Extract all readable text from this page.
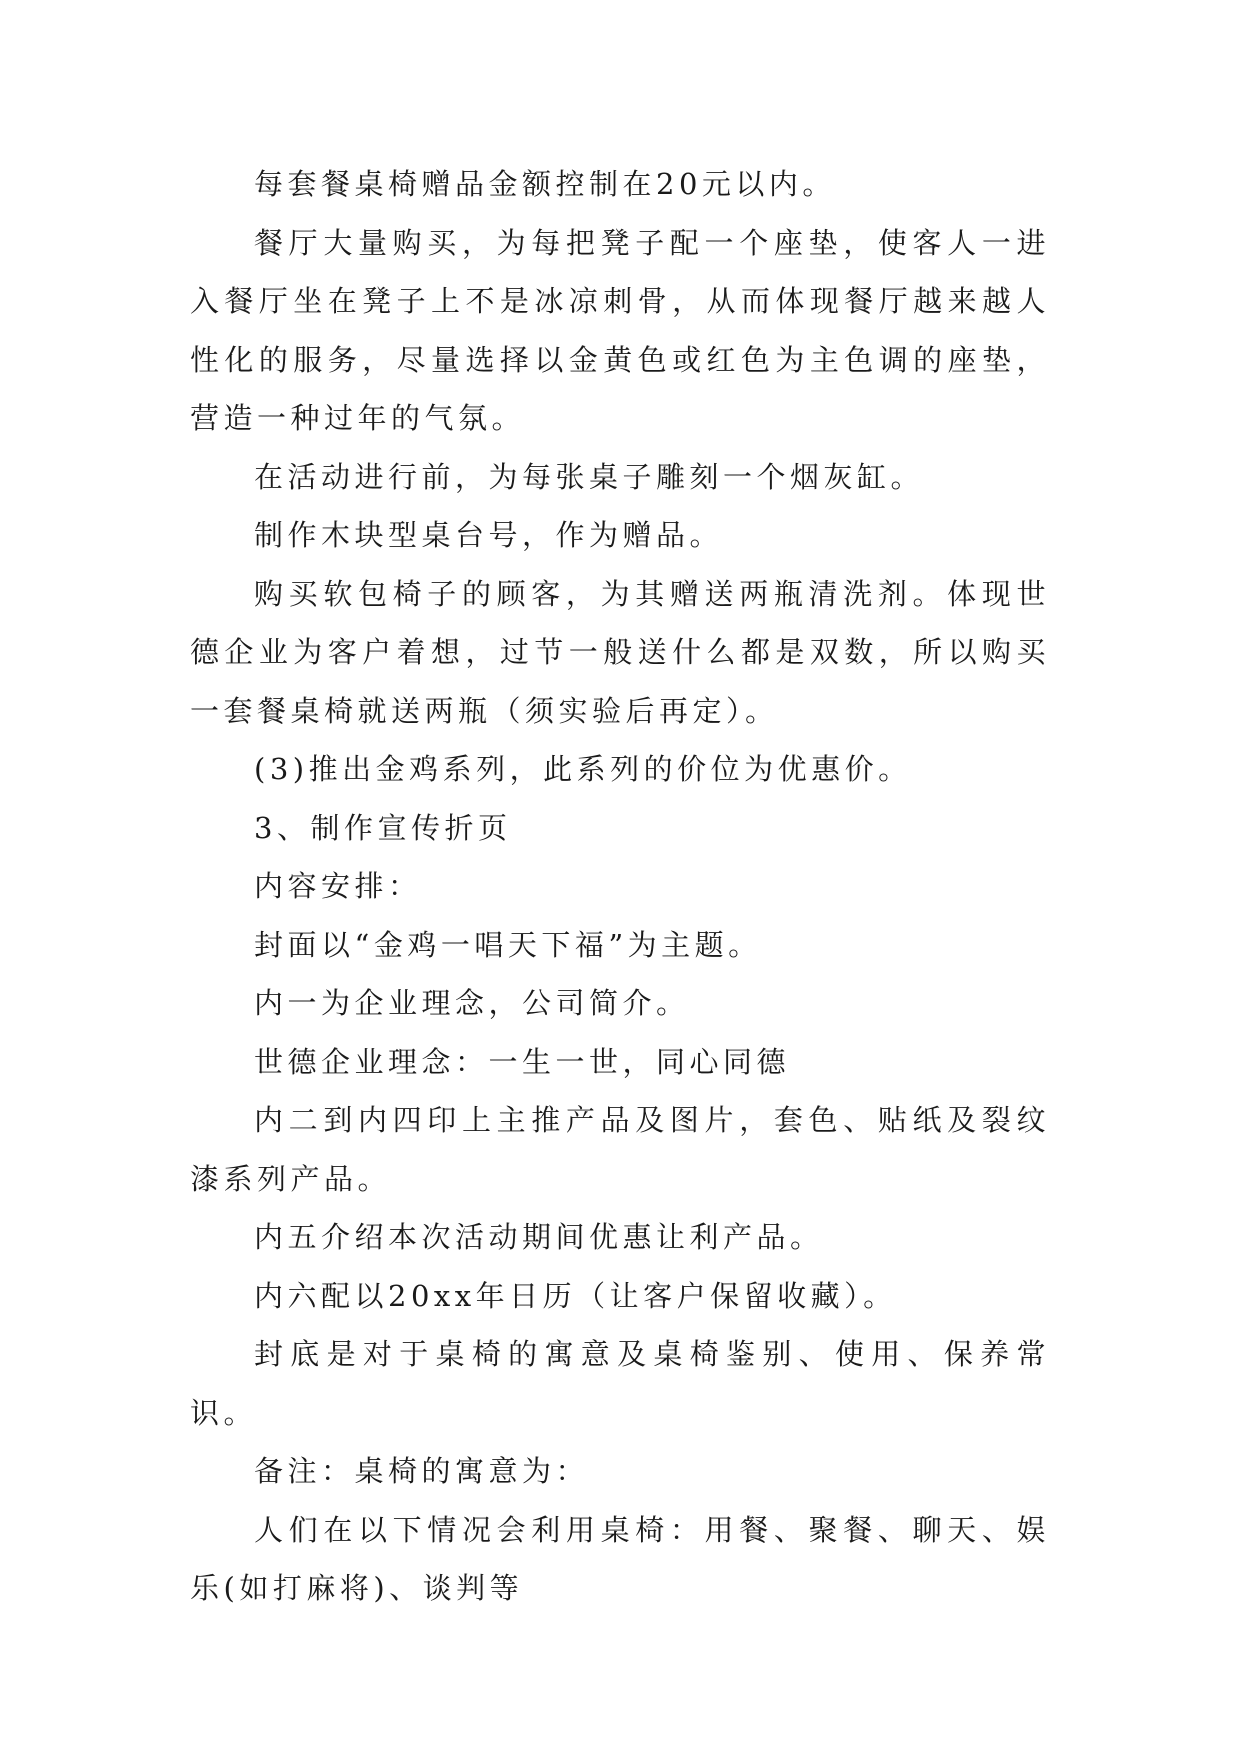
每套餐桌椅赠品金额控制在20元以内。

餐厅大量购买，为每把凳子配一个座垫，使客人一进入餐厅坐在凳子上不是冰凉刺骨，从而体现餐厅越来越人性化的服务，尽量选择以金黄色或红色为主色调的座垫，营造一种过年的气氛。

在活动进行前，为每张桌子雕刻一个烟灰缸。

制作木块型桌台号，作为赠品。

购买软包椅子的顾客，为其赠送两瓶清洗剂。体现世德企业为客户着想，过节一般送什么都是双数，所以购买一套餐桌椅就送两瓶（须实验后再定）。

(3)推出金鸡系列，此系列的价位为优惠价。

3、制作宣传折页

内容安排：

封面以“金鸡一唱天下福”为主题。

内一为企业理念，公司简介。

世德企业理念：一生一世，同心同德

内二到内四印上主推产品及图片，套色、贴纸及裂纹漆系列产品。

内五介绍本次活动期间优惠让利产品。

内六配以20xx年日历（让客户保留收藏）。

封底是对于桌椅的寓意及桌椅鉴别、使用、保养常识。

备注：桌椅的寓意为：

人们在以下情况会利用桌椅：用餐、聚餐、聊天、娱乐(如打麻将)、谈判等
